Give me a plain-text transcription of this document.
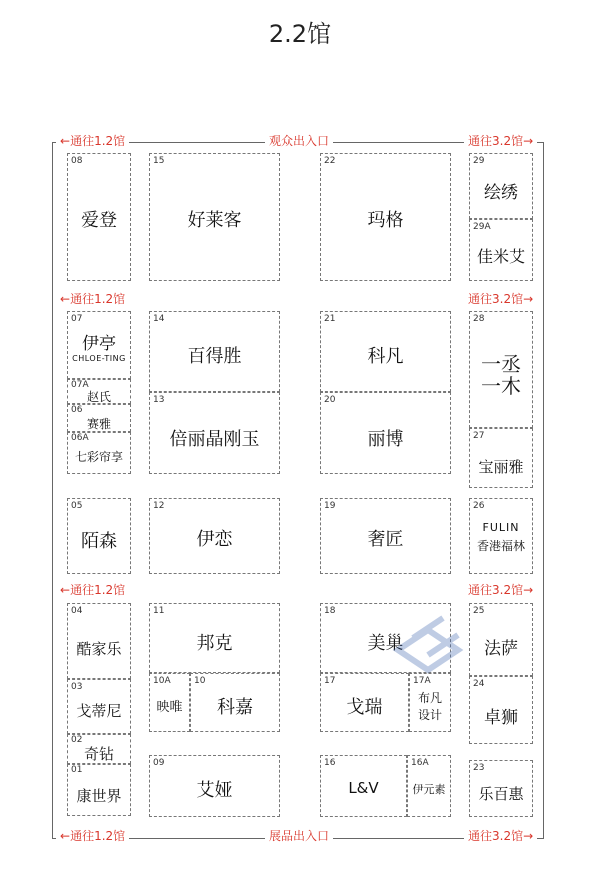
2.2馆
观众出入口
展品出入口
←通往1.2馆
←通往1.2馆
←通往1.2馆
←通往1.2馆
通往3.2馆→
通往3.2馆→
通往3.2馆→
通往3.2馆→
08
爱登
15
好莱客
22
玛格
29
绘绣
29A
佳米艾
07
伊亭
CHLOE-TING
07A
赵氏
06
赛雅
06A
七彩帘享
14
百得胜
13
倍丽晶刚玉
21
科凡
20
丽博
28
一丞
一木
27
宝丽雅
05
陌森
12
伊恋
19
奢匠
26
FULIN
香港福林
04
酷家乐
03
戈蒂尼
02
奇钻
01
康世界
11
邦克
10A
映唯
10
科嘉
09
艾娅
18
美巢
17
戈瑞
17A
布凡
设计
16
L&V
16A
伊元素
25
法萨
24
卓狮
23
乐百惠
